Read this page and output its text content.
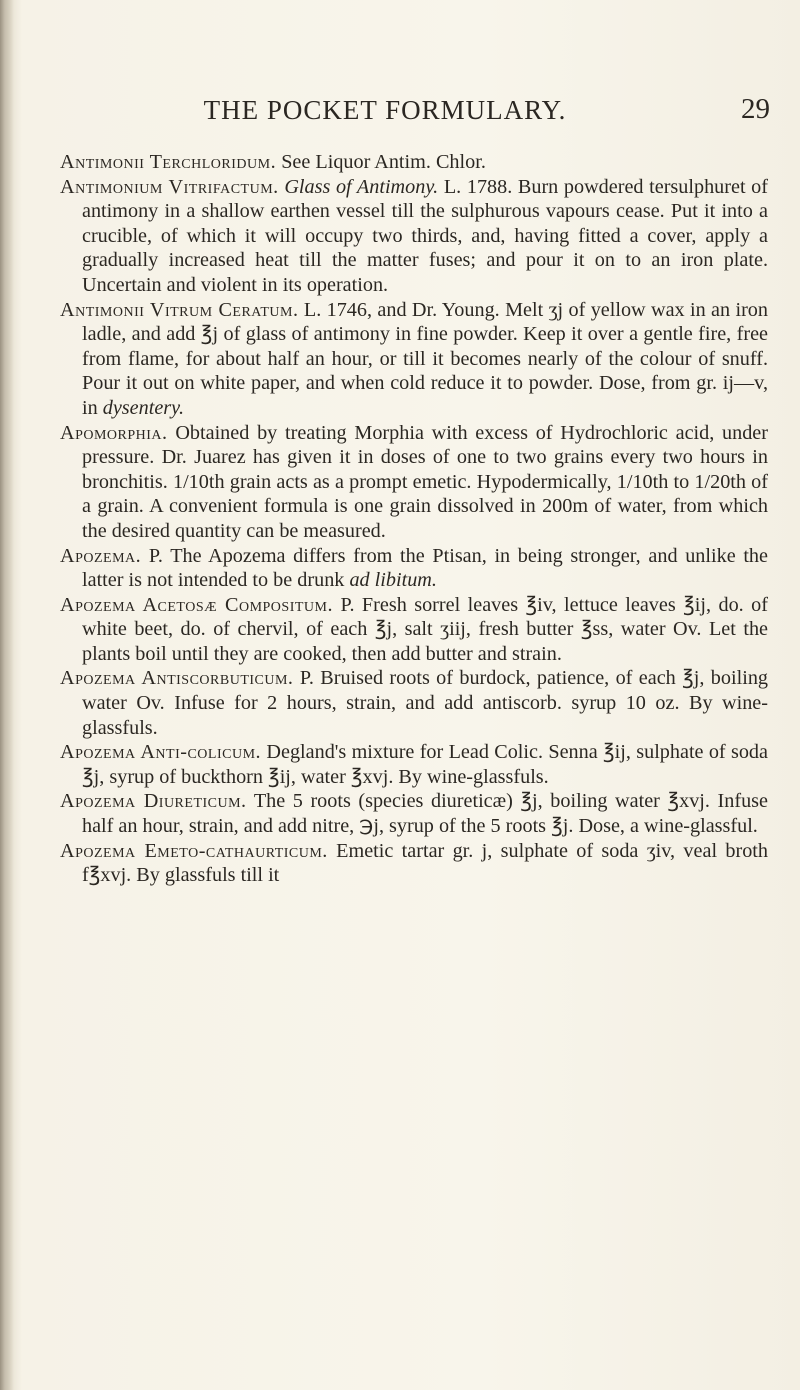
THE POCKET FORMULARY.	29

Antimonii Terchloridum. See Liquor Antim. Chlor.

Antimonium Vitrifactum. Glass of Antimony. L. 1788. Burn powdered tersulphuret of antimony in a shallow earthen vessel till the sulphurous vapours cease. Put it into a crucible, of which it will occupy two thirds, and, having fitted a cover, apply a gradually increased heat till the matter fuses; and pour it on to an iron plate. Uncertain and violent in its operation.

Antimonii Vitrum Ceratum. L. 1746, and Dr. Young. Melt ʒj of yellow wax in an iron ladle, and add ℥j of glass of antimony in fine powder. Keep it over a gentle fire, free from flame, for about half an hour, or till it becomes nearly of the colour of snuff. Pour it out on white paper, and when cold reduce it to powder. Dose, from gr. ij—v, in dysentery.

Apomorphia. Obtained by treating Morphia with excess of Hydrochloric acid, under pressure. Dr. Juarez has given it in doses of one to two grains every two hours in bronchitis. 1/10th grain acts as a prompt emetic. Hypodermically, 1/10th to 1/20th of a grain. A convenient formula is one grain dissolved in 200m of water, from which the desired quantity can be measured.

Apozema. P. The Apozema differs from the Ptisan, in being stronger, and unlike the latter is not intended to be drunk ad libitum.

Apozema Acetosæ Compositum. P. Fresh sorrel leaves ℥iv, lettuce leaves ℥ij, do. of white beet, do. of chervil, of each ℥j, salt ʒiij, fresh butter ℥ss, water Ov. Let the plants boil until they are cooked, then add butter and strain.

Apozema Antiscorbuticum. P. Bruised roots of burdock, patience, of each ℥j, boiling water Ov. Infuse for 2 hours, strain, and add antiscorb. syrup 10 oz. By wine-glassfuls.

Apozema Anti-colicum. Degland's mixture for Lead Colic. Senna ℥ij, sulphate of soda ℥j, syrup of buckthorn ℥ij, water ℥xvj. By wine-glassfuls.

Apozema Diureticum. The 5 roots (species diureticæ) ℥j, boiling water ℥xvj. Infuse half an hour, strain, and add nitre, ℈j, syrup of the 5 roots ℥j. Dose, a wine-glassful.

Apozema Emeto-cathaurticum. Emetic tartar gr. j, sulphate of soda ʒiv, veal broth f℥xvj. By glassfuls till it
